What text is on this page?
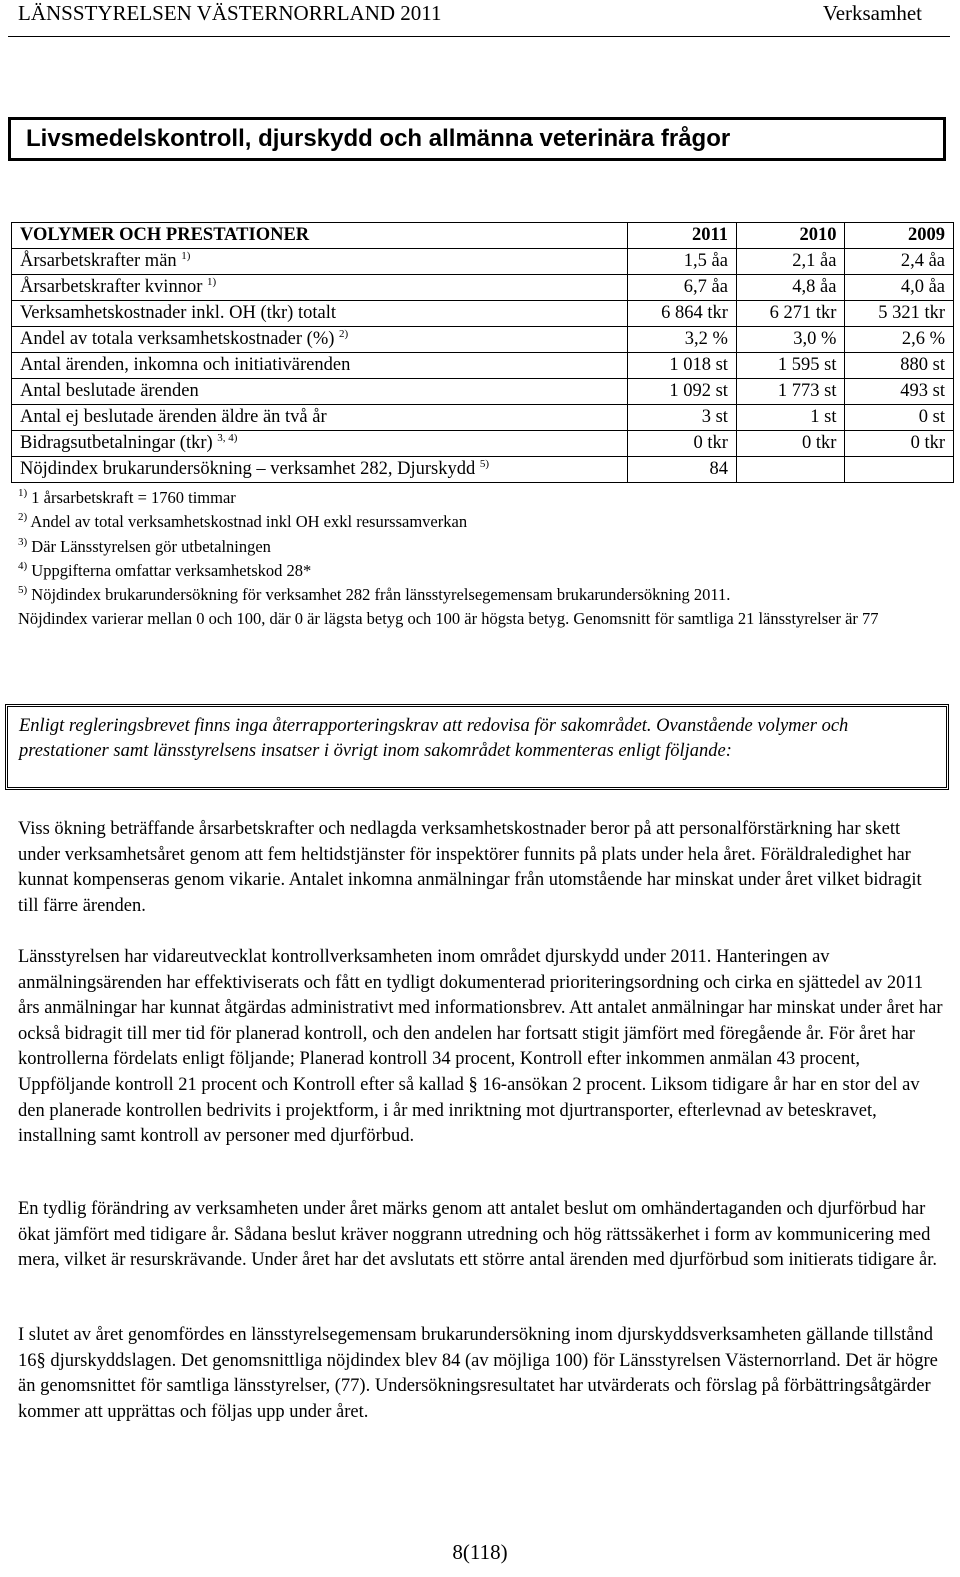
LÄNSSTYRELSEN VÄSTERNORRLAND 2011	Verksamhet
Livsmedelskontroll, djurskydd och allmänna veterinära frågor
VOLYMER OCH PRESTATIONER	2011	2010	2009
Årsarbetskrafter män $^{1)}$	1,5 åa	2,1 åa	2,4 åa
Årsarbetskrafter kvinnor $^{1)}$	6,7 åa	4,8 åa	4,0 åa
Verksamhetskostnader inkl. OH (tkr) totalt	6 864 tkr	6 271 tkr	5 321 tkr
Andel av totala verksamhetskostnader (%) $^{2)}$	3,2 %	3,0 %	2,6 %
Antal ärenden, inkomna och initiativärenden	1 018 st	1 595 st	880 st
Antal beslutade ärenden	1 092 st	1 773 st	493 st
Antal ej beslutade ärenden äldre än två år	3 st	1 st	0 st
Bidragsutbetalningar (tkr) $^{3, 4)}$	0 tkr	0 tkr	0 tkr
Nöjdindex brukarundersökning – verksamhet 282, Djurskydd $^{5)}$	84		
$^{1)}$ 1 årsarbetskraft = 1760 timmar
$^{2)}$ Andel av total verksamhetskostnad inkl OH exkl resurssamverkan
$^{3)}$ Där Länsstyrelsen gör utbetalningen
$^{4)}$ Uppgifterna omfattar verksamhetskod 28*
$^{5)}$ Nöjdindex brukarundersökning för verksamhet 282 från länsstyrelsegemensam brukarundersökning 2011.
Nöjdindex varierar mellan 0 och 100, där 0 är lägsta betyg och 100 är högsta betyg. Genomsnitt för samtliga 21 länsstyrelser är 77

Enligt regleringsbrevet finns inga återrapporteringskrav att redovisa för sakområdet. Ovanstående volymer och prestationer samt länsstyrelsens insatser i övrigt inom sakområdet kommenteras enligt följande:

Viss ökning beträffande årsarbetskrafter och nedlagda verksamhetskostnader beror på att personalförstärkning har skett under verksamhetsåret genom att fem heltidstjänster för inspektörer funnits på plats under hela året. Föräldraledighet har kunnat kompenseras genom vikarie. Antalet inkomna anmälningar från utomstående har minskat under året vilket bidragit till färre ärenden.

Länsstyrelsen har vidareutvecklat kontrollverksamheten inom området djurskydd under 2011. Hanteringen av anmälningsärenden har effektiviserats och fått en tydligt dokumenterad prioriteringsordning och cirka en sjättedel av 2011 års anmälningar har kunnat åtgärdas administrativt med informationsbrev. Att antalet anmälningar har minskat under året har också bidragit till mer tid för planerad kontroll, och den andelen har fortsatt stigit jämfört med föregående år. För året har kontrollerna fördelats enligt följande; Planerad kontroll 34 procent, Kontroll efter inkommen anmälan 43 procent, Uppföljande kontroll 21 procent och Kontroll efter så kallad § 16-ansökan 2 procent. Liksom tidigare år har en stor del av den planerade kontrollen bedrivits i projektform, i år med inriktning mot djurtransporter, efterlevnad av beteskravet, installning samt kontroll av personer med djurförbud.

En tydlig förändring av verksamheten under året märks genom att antalet beslut om omhändertaganden och djurförbud har ökat jämfört med tidigare år. Sådana beslut kräver noggrann utredning och hög rättssäkerhet i form av kommunicering med mera, vilket är resurskrävande. Under året har det avslutats ett större antal ärenden med djurförbud som initierats tidigare år.

I slutet av året genomfördes en länsstyrelsegemensam brukarundersökning inom djurskyddsverksamheten gällande tillstånd 16§ djurskyddslagen. Det genomsnittliga nöjdindex blev 84 (av möjliga 100) för Länsstyrelsen Västernorrland. Det är högre än genomsnittet för samtliga länsstyrelser, (77). Undersökningsresultatet har utvärderats och förslag på förbättringsåtgärder kommer att upprättas och följas upp under året.

8(118)
